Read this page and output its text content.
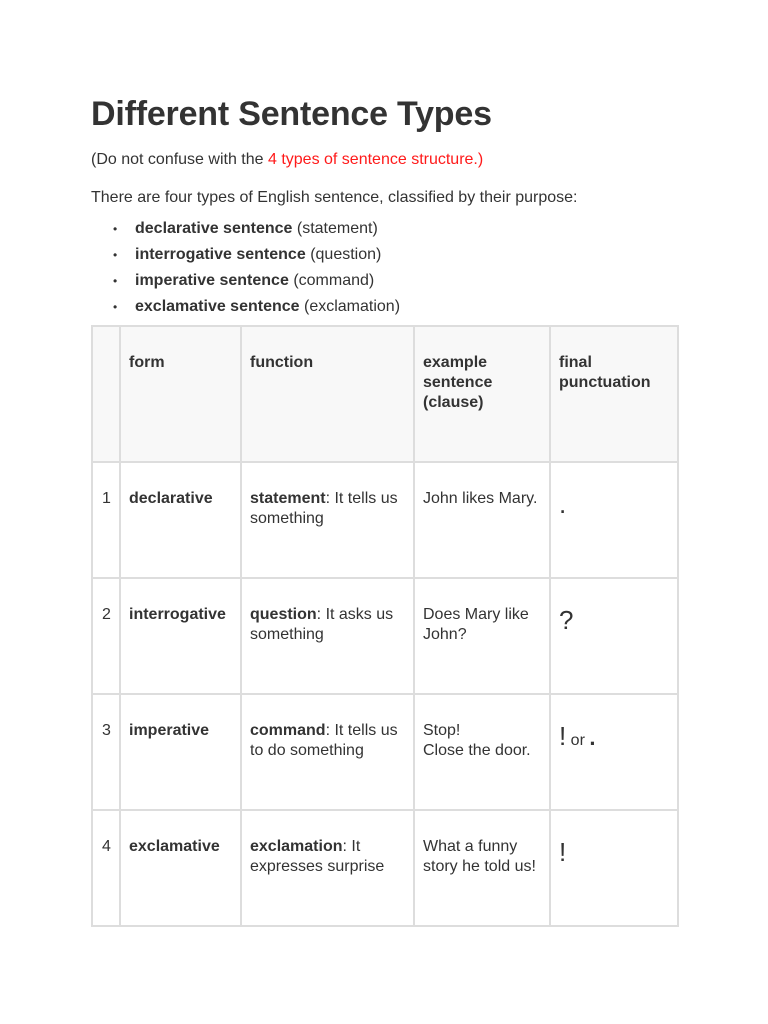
Different Sentence Types
(Do not confuse with the 4 types of sentence structure.)
There are four types of English sentence, classified by their purpose:
• declarative sentence (statement)
• interrogative sentence (question)
• imperative sentence (command)
• exclamative sentence (exclamation)
	form	function	example sentence (clause)	final punctuation
1	declarative	statement: It tells us something	John likes Mary.	.
2	interrogative	question: It asks us something	Does Mary like John?	?
3	imperative	command: It tells us to do something	Stop!
Close the door.	! or .
4	exclamative	exclamation: It expresses surprise	What a funny story he told us!	!
